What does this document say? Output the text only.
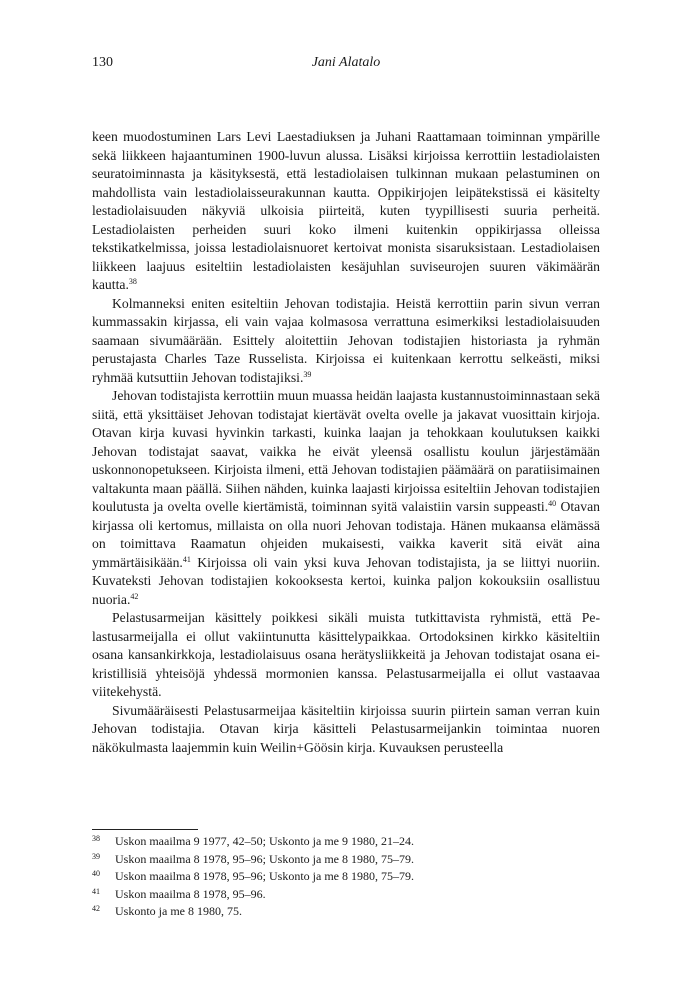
130	Jani Alatalo

keen muodostuminen Lars Levi Laestadiuksen ja Juhani Raattamaan toiminnan ympärille sekä liikkeen hajaantuminen 1900-luvun alussa. Lisäksi kirjoissa kerrottiin lestadiolaisten seuratoiminnasta ja käsityksestä, että lestadiolaisen tulkinnan mukaan pelastuminen on mahdollista vain lestadiolaisseurakunnan kautta. Oppikirjojen leipätekstissä ei käsitelty lestadiolaisuuden näkyviä ulkoisia piirteitä, kuten tyypillisesti suuria perheitä. Lestadiolaisten perheiden suuri koko ilmeni kuitenkin oppikirjassa olleissa tekstikatkelmissa, joissa lestadiolaisnuoret kertoivat monista sisaruksistaan. Lestadiolaisen liikkeen laajuus esiteltiin lestadiolaisten kesäjuhlan suviseurojen suuren väkimäärän kautta.$^{38}$

Kolmanneksi eniten esiteltiin Jehovan todistajia. Heistä kerrottiin parin sivun verran kummassakin kirjassa, eli vain vajaa kolmasosa verrattuna esimerkiksi lestadiolaisuuden saamaan sivumäärään. Esittely aloitettiin Jehovan todistajien historiasta ja ryhmän perustajasta Charles Taze Russelista. Kirjoissa ei kuitenkaan kerrottu selkeästi, miksi ryhmää kutsuttiin Jehovan todistajiksi.$^{39}$

Jehovan todistajista kerrottiin muun muassa heidän laajasta kustannustoiminnastaan sekä siitä, että yksittäiset Jehovan todistajat kiertävät ovelta ovelle ja jakavat vuosittain kirjoja. Otavan kirja kuvasi hyvinkin tarkasti, kuinka laajan ja tehokkaan koulutuksen kaikki Jehovan todistajat saavat, vaikka he eivät yleensä osallistu koulun järjestämään uskonnonopetukseen. Kirjoista ilmeni, että Jehovan todistajien päämäärä on paratiisimainen valtakunta maan päällä. Siihen nähden, kuinka laajasti kirjoissa esiteltiin Jehovan todistajien koulutusta ja ovelta ovelle kiertämistä, toiminnan syitä valaistiin varsin suppeasti.$^{40}$ Otavan kirjassa oli kertomus, millaista on olla nuori Jehovan todistaja. Hänen mukaansa elämässä on toimittava Raamatun ohjeiden mukaisesti, vaikka kaverit sitä eivät aina ymmärtäisikään.$^{41}$ Kirjoissa oli vain yksi kuva Jehovan todistajista, ja se liittyi nuoriin. Kuvateksti Jehovan todistajien kokooksesta kertoi, kuinka paljon kokouksiin osallistuu nuoria.$^{42}$

Pelastusarmeijan käsittely poikkesi sikäli muista tutkittavista ryhmistä, että Pelastusarmeijalla ei ollut vakiintunutta käsittelypaikkaa. Ortodoksinen kirkko käsiteltiin osana kansankirkkoja, lestadiolaisuus osana herätysliikkeitä ja Jehovan todistajat osana ei-kristillisiä yhteisöjä yhdessä mormonien kanssa. Pelastusarmeijalla ei ollut vastaavaa viitekehystä.

Sivumääräisesti Pelastusarmeijaa käsiteltiin kirjoissa suurin piirtein saman verran kuin Jehovan todistajia. Otavan kirja käsitteli Pelastusarmeijankin toimintaa nuoren näkökulmasta laajemmin kuin Weilin+Göösin kirja. Kuvauksen perusteella

38 Uskon maailma 9 1977, 42–50; Uskonto ja me 9 1980, 21–24.
39 Uskon maailma 8 1978, 95–96; Uskonto ja me 8 1980, 75–79.
40 Uskon maailma 8 1978, 95–96; Uskonto ja me 8 1980, 75–79.
41 Uskon maailma 8 1978, 95–96.
42 Uskonto ja me 8 1980, 75.
